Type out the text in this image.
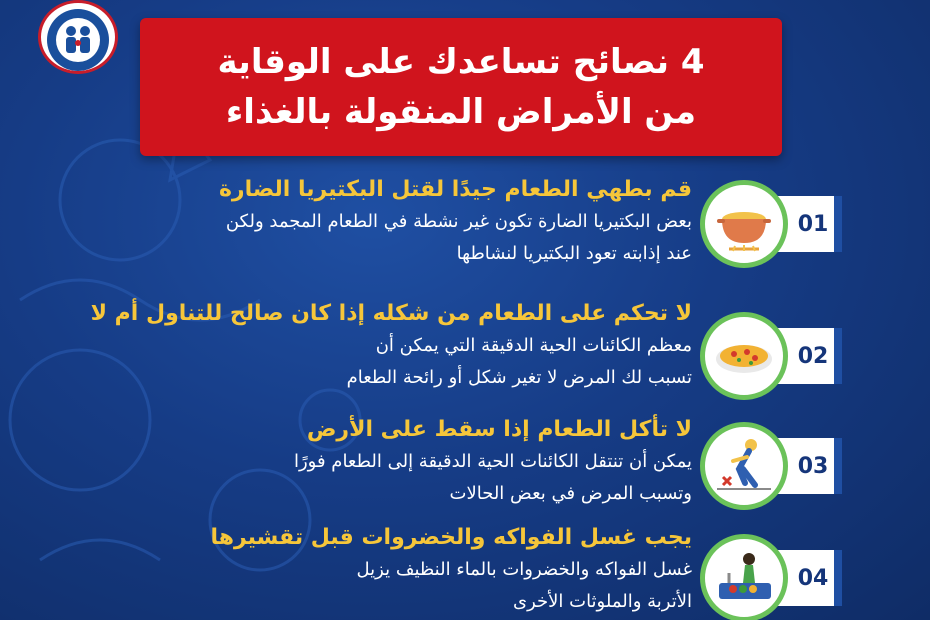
4 نصائح تساعدك على الوقاية
من الأمراض المنقولة بالغذاء
قم بطهي الطعام جيدًا لقتل البكتيريا الضارة
بعض البكتيريا الضارة تكون غير نشطة في الطعام المجمد ولكن
عند إذابته تعود البكتيريا لنشاطها
01
لا تحكم على الطعام من شكله إذا كان صالح للتناول أم لا
معظم الكائنات الحية الدقيقة التي يمكن أن
تسبب لك المرض لا تغير شكل أو رائحة الطعام
02
لا تأكل الطعام إذا سقط على الأرض
يمكن أن تنتقل الكائنات الحية الدقيقة إلى الطعام فورًا
وتسبب المرض في بعض الحالات
03
يجب غسل الفواكه والخضروات قبل تقشيرها
غسل الفواكه والخضروات بالماء النظيف يزيل
الأتربة والملوثات الأخرى
04
